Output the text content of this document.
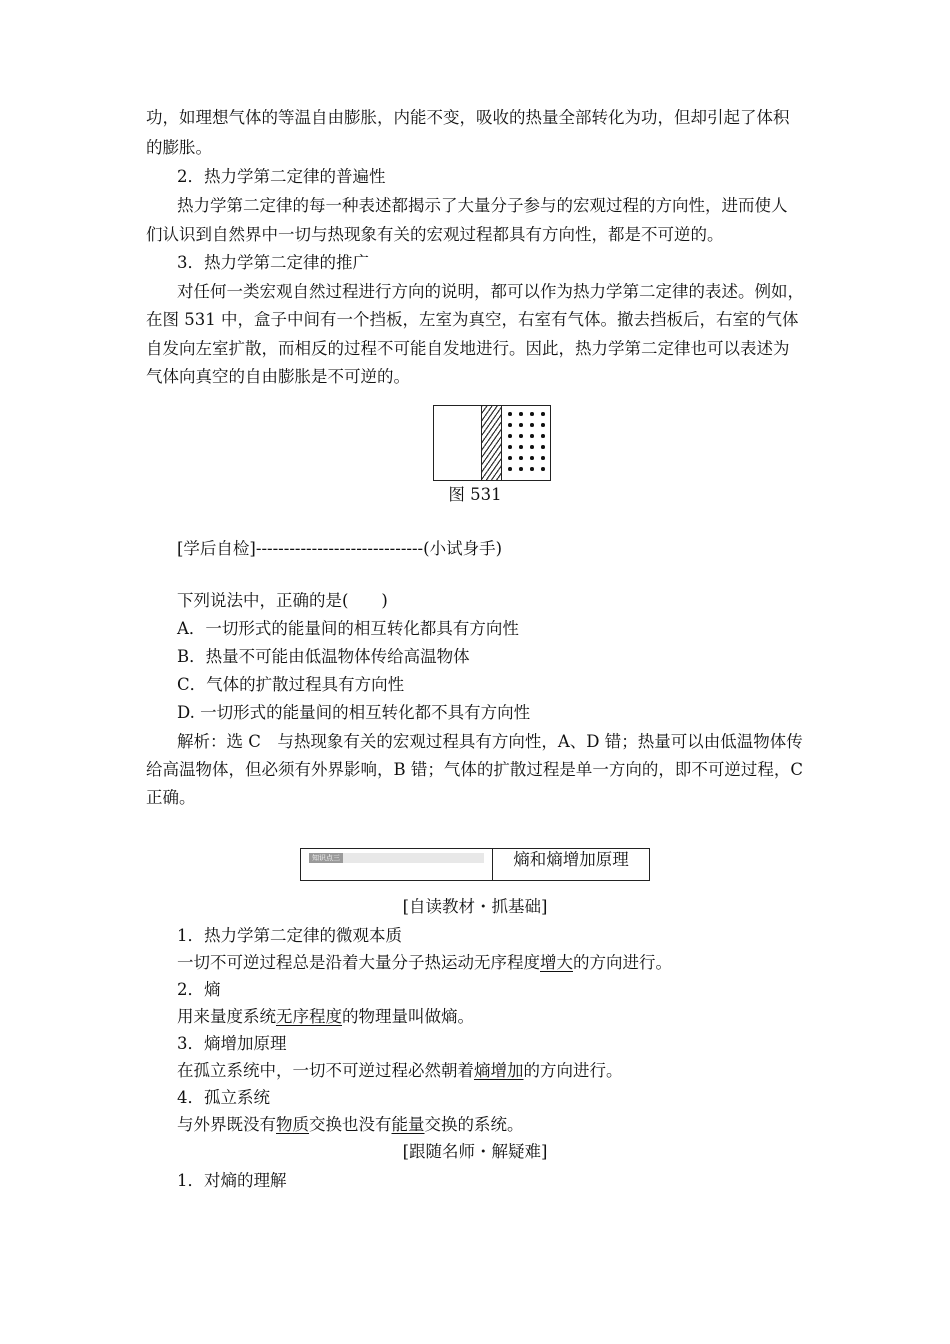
功，如理想气体的等温自由膨胀，内能不变，吸收的热量全部转化为功，但却引起了体积
的膨胀。
2．热力学第二定律的普遍性
热力学第二定律的每一种表述都揭示了大量分子参与的宏观过程的方向性，进而使人
们认识到自然界中一切与热现象有关的宏观过程都具有方向性，都是不可逆的。
3．热力学第二定律的推广
对任何一类宏观自然过程进行方向的说明，都可以作为热力学第二定律的表述。例如，
在图 531 中，盒子中间有一个挡板，左室为真空，右室有气体。撤去挡板后，右室的气体
自发向左室扩散，而相反的过程不可能自发地进行。因此，热力学第二定律也可以表述为
气体向真空的自由膨胀是不可逆的。
图 531
[学后自检]------------------------------(小试身手)
下列说法中，正确的是(　　)
A．一切形式的能量间的相互转化都具有方向性
B．热量不可能由低温物体传给高温物体
C．气体的扩散过程具有方向性
D. 一切形式的能量间的相互转化都不具有方向性
解析：选 C　与热现象有关的宏观过程具有方向性，A、D 错；热量可以由低温物体传
给高温物体，但必须有外界影响，B 错；气体的扩散过程是单一方向的，即不可逆过程，C
正确。
[自读教材・抓基础]
1．热力学第二定律的微观本质
一切不可逆过程总是沿着大量分子热运动无序程度增大的方向进行。
2．熵
用来量度系统无序程度的物理量叫做熵。
3．熵增加原理
在孤立系统中，一切不可逆过程必然朝着熵增加的方向进行。
4．孤立系统
与外界既没有物质交换也没有能量交换的系统。
[跟随名师・解疑难]
1．对熵的理解
知识点三	熵和熵增加原理
